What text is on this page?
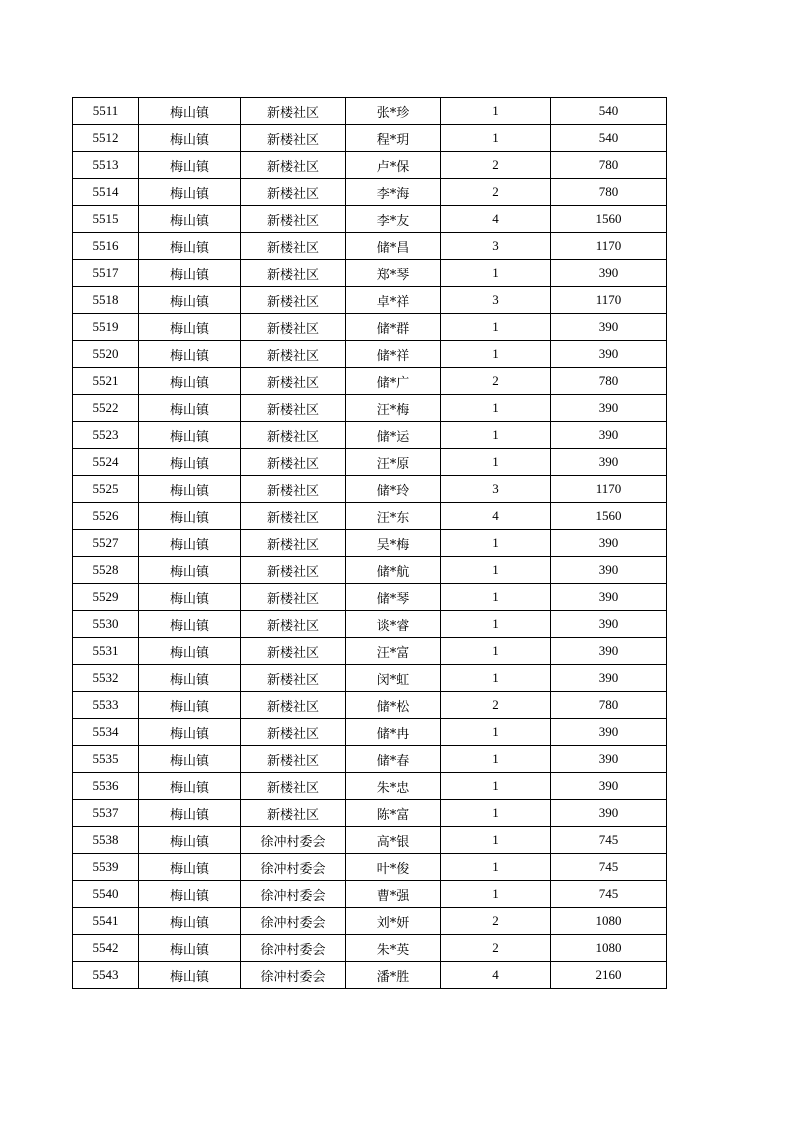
5511	梅山镇	新楼社区	张*珍	1	540
5512	梅山镇	新楼社区	程*玥	1	540
5513	梅山镇	新楼社区	卢*保	2	780
5514	梅山镇	新楼社区	李*海	2	780
5515	梅山镇	新楼社区	李*友	4	1560
5516	梅山镇	新楼社区	储*昌	3	1170
5517	梅山镇	新楼社区	郑*琴	1	390
5518	梅山镇	新楼社区	卓*祥	3	1170
5519	梅山镇	新楼社区	储*群	1	390
5520	梅山镇	新楼社区	储*祥	1	390
5521	梅山镇	新楼社区	储*广	2	780
5522	梅山镇	新楼社区	汪*梅	1	390
5523	梅山镇	新楼社区	储*运	1	390
5524	梅山镇	新楼社区	汪*原	1	390
5525	梅山镇	新楼社区	储*玲	3	1170
5526	梅山镇	新楼社区	汪*东	4	1560
5527	梅山镇	新楼社区	吴*梅	1	390
5528	梅山镇	新楼社区	储*航	1	390
5529	梅山镇	新楼社区	储*琴	1	390
5530	梅山镇	新楼社区	谈*睿	1	390
5531	梅山镇	新楼社区	汪*富	1	390
5532	梅山镇	新楼社区	闵*虹	1	390
5533	梅山镇	新楼社区	储*松	2	780
5534	梅山镇	新楼社区	储*冉	1	390
5535	梅山镇	新楼社区	储*春	1	390
5536	梅山镇	新楼社区	朱*忠	1	390
5537	梅山镇	新楼社区	陈*富	1	390
5538	梅山镇	徐冲村委会	高*银	1	745
5539	梅山镇	徐冲村委会	叶*俊	1	745
5540	梅山镇	徐冲村委会	曹*强	1	745
5541	梅山镇	徐冲村委会	刘*妍	2	1080
5542	梅山镇	徐冲村委会	朱*英	2	1080
5543	梅山镇	徐冲村委会	潘*胜	4	2160
